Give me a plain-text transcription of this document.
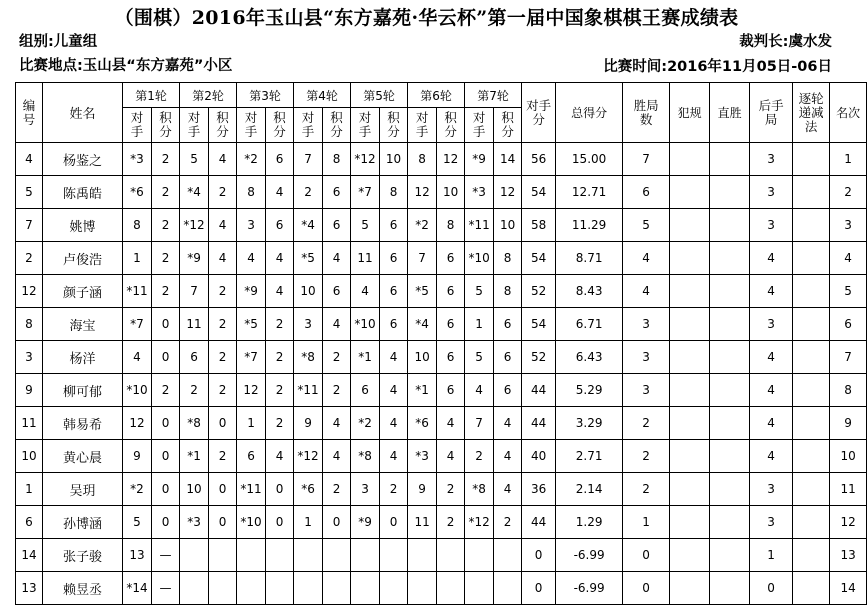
（围棋）2016年玉山县“东方嘉苑·华云杯”第一届中国象棋棋王赛成绩表
组别:儿童组	裁判长:虞水发
比赛地点:玉山县“东方嘉苑”小区	比赛时间:2016年11月05日-06日
编号	姓名	第1轮		第2轮		第3轮		第4轮		第5轮		第6轮		第7轮		对手分	总得分	胜局数	犯规	直胜	后手局	逐轮递减法	名次
		对手	积分	对手	积分	对手	积分	对手	积分	对手	积分	对手	积分	对手	积分								
4	杨鉴之	*3	2	5	4	*2	6	7	8	*12	10	8	12	*9	14	56	15.00	7			3		1
5	陈禹皓	*6	2	*4	2	8	4	2	6	*7	8	12	10	*3	12	54	12.71	6			3		2
7	姚博	8	2	*12	4	3	6	*4	6	5	6	*2	8	*11	10	58	11.29	5			3		3
2	卢俊浩	1	2	*9	4	4	4	*5	4	11	6	7	6	*10	8	54	8.71	4			4		4
12	颜子涵	*11	2	7	2	*9	4	10	6	4	6	*5	6	5	8	52	8.43	4			4		5
8	海宝	*7	0	11	2	*5	2	3	4	*10	6	*4	6	1	6	54	6.71	3			3		6
3	杨洋	4	0	6	2	*7	2	*8	2	*1	4	10	6	5	6	52	6.43	3			4		7
9	柳可郁	*10	2	2	2	12	2	*11	2	6	4	*1	6	4	6	44	5.29	3			4		8
11	韩易希	12	0	*8	0	1	2	9	4	*2	4	*6	4	7	4	44	3.29	2			4		9
10	黄心晨	9	0	*1	2	6	4	*12	4	*8	4	*3	4	2	4	40	2.71	2			4		10
1	吴玥	*2	0	10	0	*11	0	*6	2	3	2	9	2	*8	4	36	2.14	2			3		11
6	孙博涵	5	0	*3	0	*10	0	1	0	*9	0	11	2	*12	2	44	1.29	1			3		12
14	张子骏	13	—													0	-6.99	0			1		13
13	赖昱丞	*14	—													0	-6.99	0			0		14
